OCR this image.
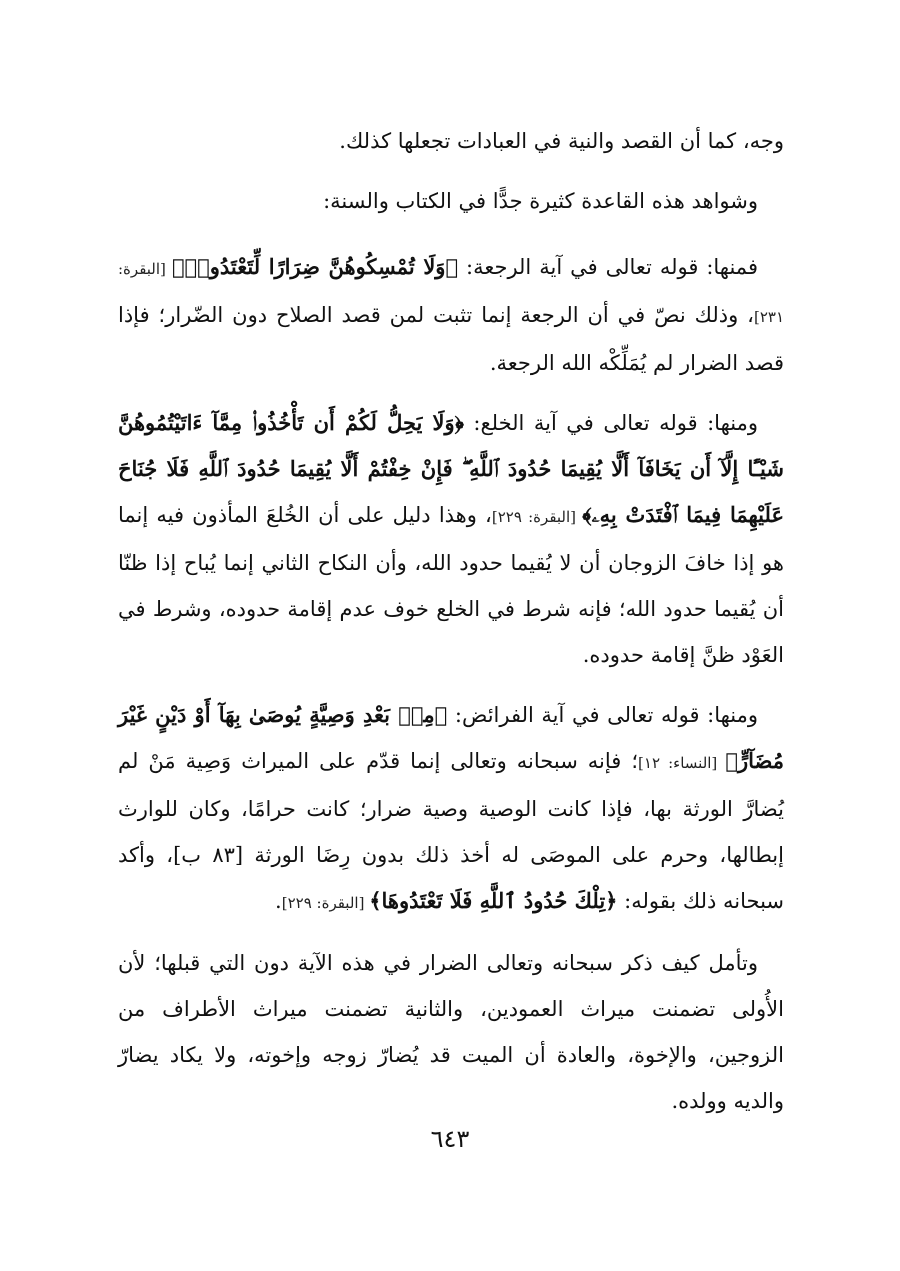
وجه، كما أن القصد والنية في العبادات تجعلها كذلك.

وشواهد هذه القاعدة كثيرة جدًّا في الكتاب والسنة:

فمنها: قوله تعالى في آية الرجعة: ﴿وَلَا تُمْسِكُوهُنَّ ضِرَارًا لِّتَعْتَدُوا۟﴾ [البقرة: ٢٣١]، وذلك نصّ في أن الرجعة إنما تثبت لمن قصد الصلاح دون الضّرار؛ فإذا قصد الضرار لم يُمَلِّكْه الله الرجعة.

ومنها: قوله تعالى في آية الخلع: ﴿وَلَا يَحِلُّ لَكُمْ أَن تَأْخُذُوا۟ مِمَّآ ءَاتَيْتُمُوهُنَّ شَيْـًٔا إِلَّآ أَن يَخَافَآ أَلَّا يُقِيمَا حُدُودَ ٱللَّهِ ۖ فَإِنْ خِفْتُمْ أَلَّا يُقِيمَا حُدُودَ ٱللَّهِ فَلَا جُنَاحَ عَلَيْهِمَا فِيمَا ٱفْتَدَتْ بِهِۦ﴾ [البقرة: ٢٢٩]، وهذا دليل على أن الخُلعَ المأذون فيه إنما هو إذا خافَ الزوجان أن لا يُقيما حدود الله، وأن النكاح الثاني إنما يُباح إذا ظنّا أن يُقيما حدود الله؛ فإنه شرط في الخلع خوف عدم إقامة حدوده، وشرط في العَوْد ظنَّ إقامة حدوده.

ومنها: قوله تعالى في آية الفرائض: ﴿مِنۢ بَعْدِ وَصِيَّةٍ يُوصَىٰ بِهَآ أَوْ دَيْنٍ غَيْرَ مُضَآرٍّ﴾ [النساء: ١٢]؛ فإنه سبحانه وتعالى إنما قدّم على الميراث وَصِية مَنْ لم يُضارَّ الورثة بها، فإذا كانت الوصية وصية ضرار؛ كانت حرامًا، وكان للوارث إبطالها، وحرم على الموصَى له أخذ ذلك بدون رِضَا الورثة [٨٣ ب]، وأكد سبحانه ذلك بقوله: ﴿تِلْكَ حُدُودُ ٱللَّهِ فَلَا تَعْتَدُوهَا﴾ [البقرة: ٢٢٩].

وتأمل كيف ذكر سبحانه وتعالى الضرار في هذه الآية دون التي قبلها؛ لأن الأُولى تضمنت ميراث العمودين، والثانية تضمنت ميراث الأطراف من الزوجين، والإخوة، والعادة أن الميت قد يُضارّ زوجه وإخوته، ولا يكاد يضارّ والديه وولده.

٦٤٣
